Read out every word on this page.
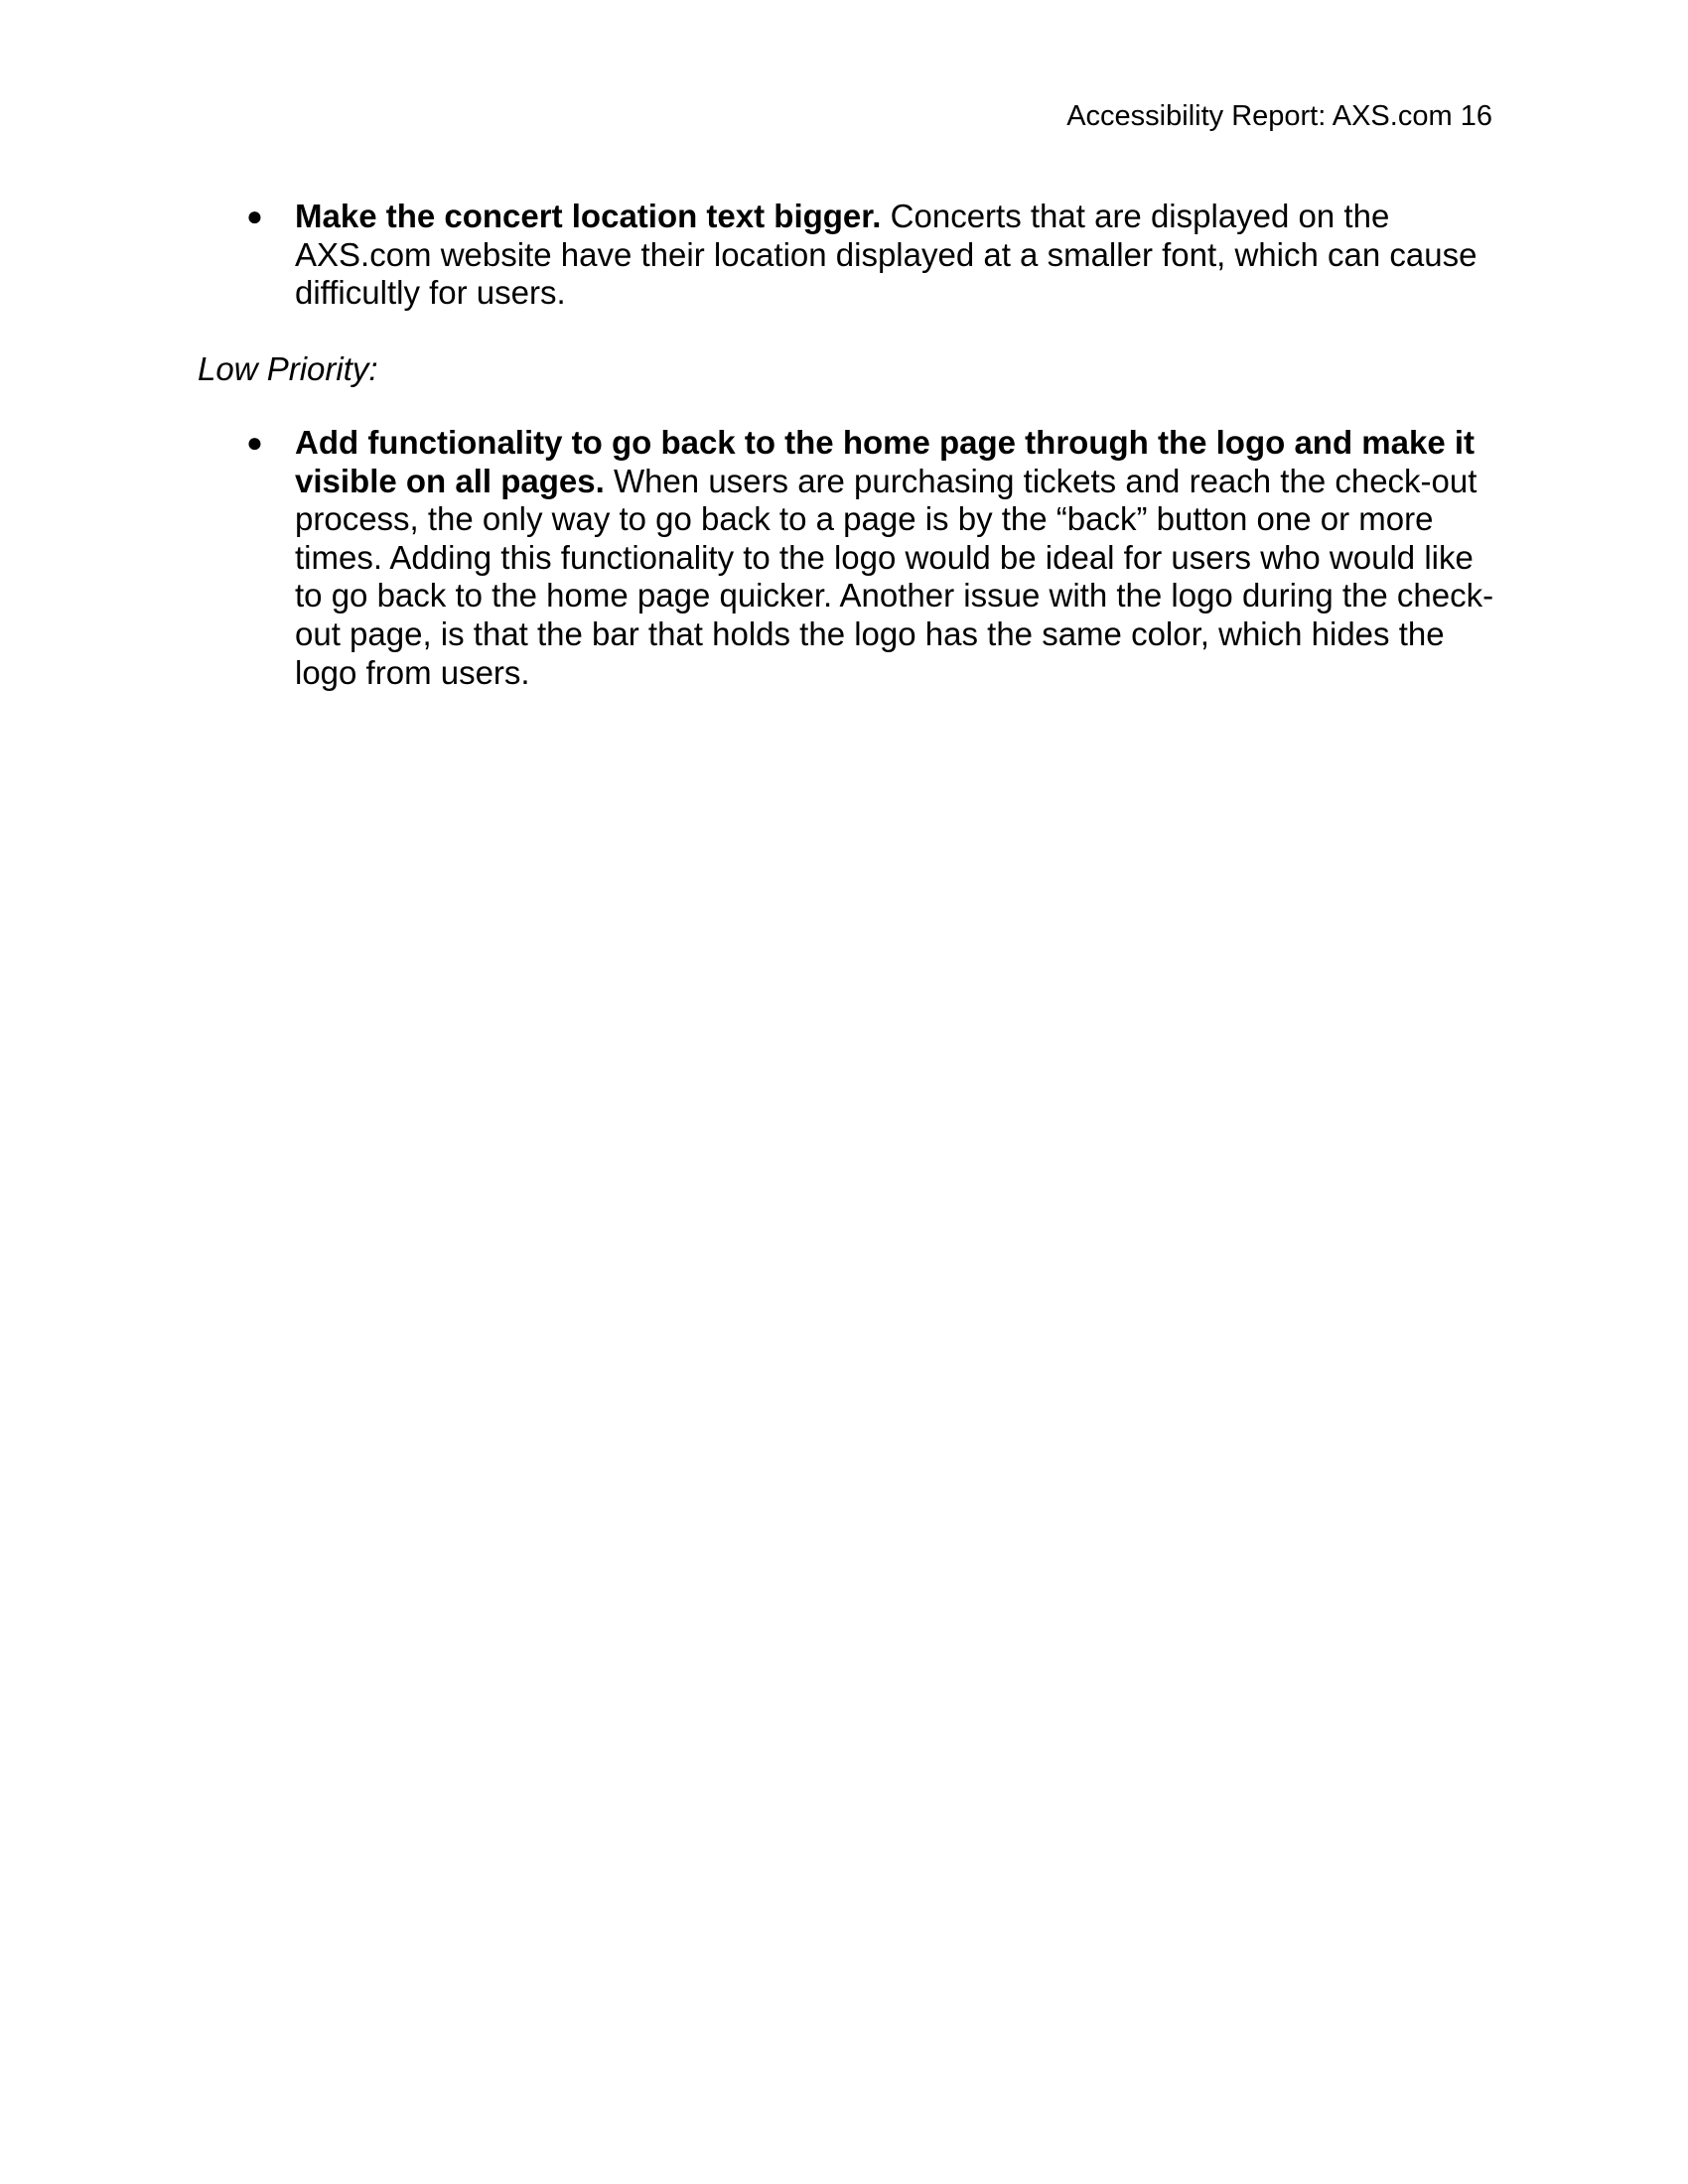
Accessibility Report: AXS.com 16
● Make the concert location text bigger. Concerts that are displayed on the AXS.com website have their location displayed at a smaller font, which can cause difficultly for users.

Low Priority:
● Add functionality to go back to the home page through the logo and make it visible on all pages. When users are purchasing tickets and reach the check-out process, the only way to go back to a page is by the “back” button one or more times. Adding this functionality to the logo would be ideal for users who would like to go back to the home page quicker. Another issue with the logo during the check-out page, is that the bar that holds the logo has the same color, which hides the logo from users.
